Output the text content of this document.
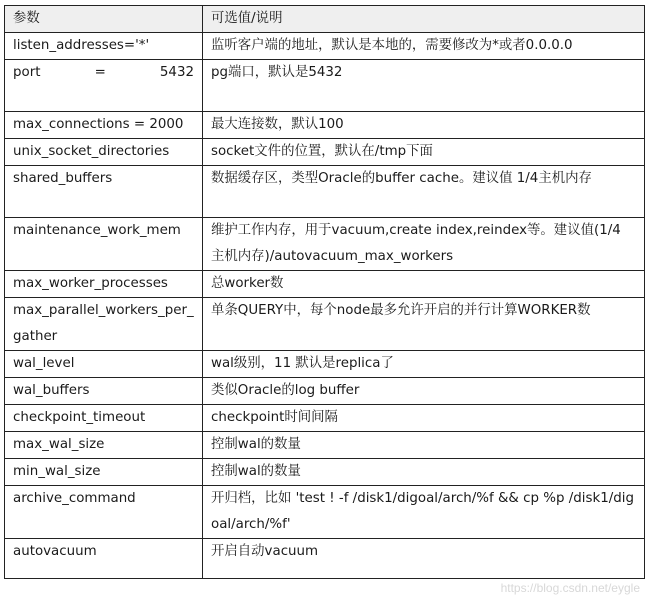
参数	可选值/说明
listen_addresses='*'	监听客户端的地址，默认是本地的，需要修改为*或者0.0.0.0

port = 5432	pg端口，默认是5432
max_connections = 2000	最大连接数，默认100
unix_socket_directories	socket文件的位置，默认在/tmp下面
shared_buffers	数据缓存区，类型Oracle的buffer cache。建议值 1/4主机内存
maintenance_work_mem	维护工作内存，用于vacuum,create index,reindex等。建议值(1/4 主机内存)/autovacuum_max_workers
max_worker_processes	总worker数
max_parallel_workers_per_gather	单条QUERY中，每个node最多允许开启的并行计算WORKER数
wal_level	wal级别，11 默认是replica了
wal_buffers	类似Oracle的log buffer
checkpoint_timeout	checkpoint时间间隔
max_wal_size	控制wal的数量
min_wal_size	控制wal的数量
archive_command	开归档，比如 'test ! -f /disk1/digoal/arch/%f && cp %p /disk1/digoal/arch/%f'
autovacuum	开启自动vacuum
https://blog.csdn.net/eygle
